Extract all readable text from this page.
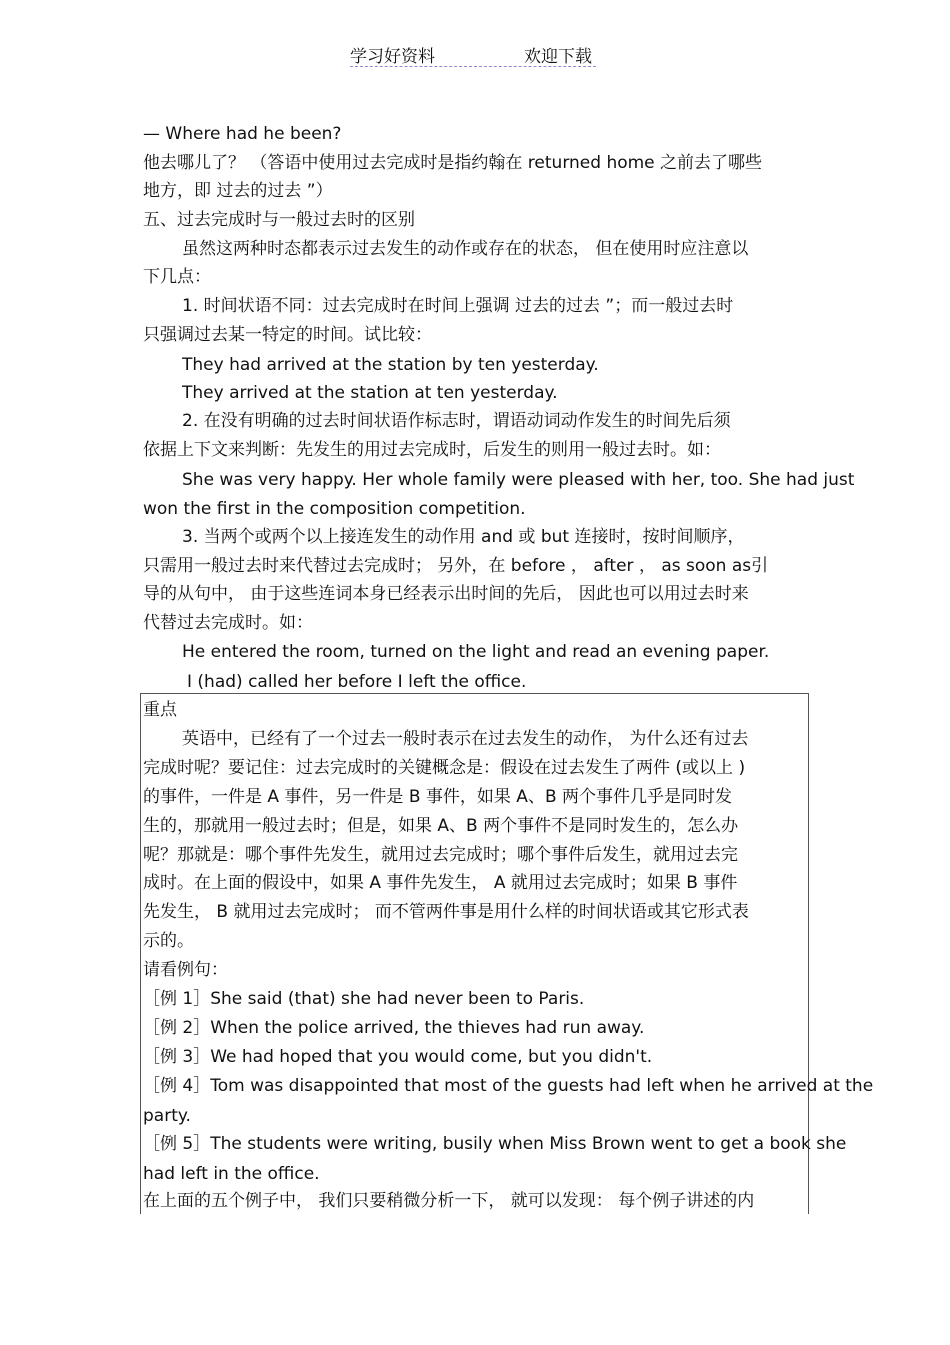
学习好资料	欢迎下载
— Where had he been?
他去哪儿了？ （答语中使用过去完成时是指约翰在 returned home 之前去了哪些
地方，即 过去的过去 ”）
五、过去完成时与一般过去时的区别
虽然这两种时态都表示过去发生的动作或存在的状态， 但在使用时应注意以
下几点：
1. 时间状语不同：过去完成时在时间上强调 过去的过去 ”；而一般过去时
只强调过去某一特定的时间。试比较：
They had arrived at the station by ten yesterday.
They arrived at the station at ten yesterday.
2. 在没有明确的过去时间状语作标志时，谓语动词动作发生的时间先后须
依据上下文来判断：先发生的用过去完成时，后发生的则用一般过去时。如：
She was very happy. Her whole family were pleased with her, too. She had just
won the first in the composition competition.
3. 当两个或两个以上接连发生的动作用 and 或 but 连接时，按时间顺序，
只需用一般过去时来代替过去完成时； 另外，在 before ， after ， as soon as引
导的从句中， 由于这些连词本身已经表示出时间的先后， 因此也可以用过去时来
代替过去完成时。如：
He entered the room, turned on the light and read an evening paper.
I (had) called her before I left the office.
重点
英语中，已经有了一个过去一般时表示在过去发生的动作， 为什么还有过去
完成时呢？要记住：过去完成时的关键概念是：假设在过去发生了两件 (或以上 )
的事件，一件是 A 事件，另一件是 B 事件，如果 A、B 两个事件几乎是同时发
生的，那就用一般过去时；但是，如果 A、B 两个事件不是同时发生的，怎么办
呢？那就是：哪个事件先发生，就用过去完成时；哪个事件后发生，就用过去完
成时。在上面的假设中，如果 A 事件先发生， A 就用过去完成时；如果 B 事件
先发生， B 就用过去完成时； 而不管两件事是用什么样的时间状语或其它形式表
示的。
请看例句：
［例 1］She said (that) she had never been to Paris.
［例 2］When the police arrived, the thieves had run away.
［例 3］We had hoped that you would come, but you didn't.
［例 4］Tom was disappointed that most of the guests had left when he arrived at the
party.
［例 5］The students were writing, busily when Miss Brown went to get a book she
had left in the office.
在上面的五个例子中， 我们只要稍微分析一下， 就可以发现： 每个例子讲述的内
